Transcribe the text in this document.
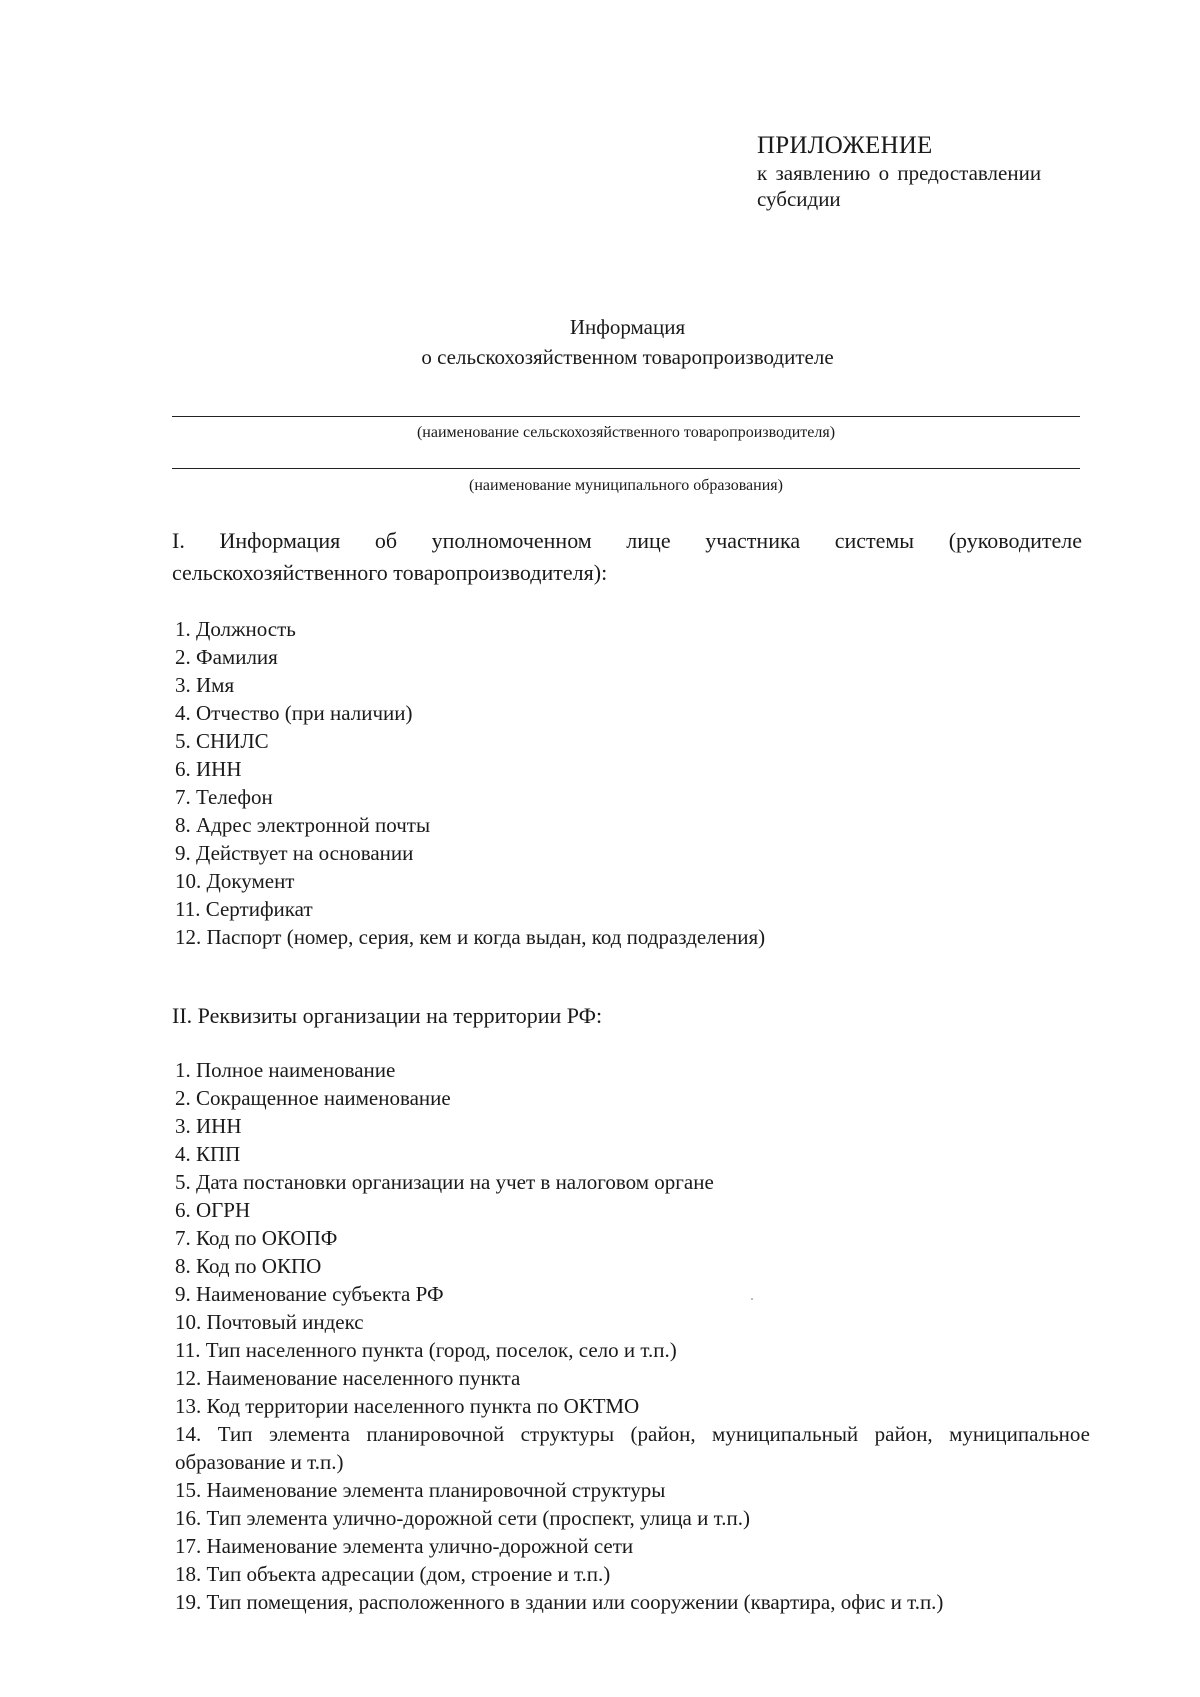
ПРИЛОЖЕНИЕ
к заявлению о предоставлении
субсидии
Информация
о сельскохозяйственном товаропроизводителе
(наименование сельскохозяйственного товаропроизводителя)
(наименование муниципального образования)
I. Информация об уполномоченном лице участника системы (руководителе сельскохозяйственного товаропроизводителя):
1. Должность
2. Фамилия
3. Имя
4. Отчество (при наличии)
5. СНИЛС
6. ИНН
7. Телефон
8. Адрес электронной почты
9. Действует на основании
10. Документ
11. Сертификат
12. Паспорт (номер, серия, кем и когда выдан, код подразделения)
II. Реквизиты организации на территории РФ:
1. Полное наименование
2. Сокращенное наименование
3. ИНН
4. КПП
5. Дата постановки организации на учет в налоговом органе
6. ОГРН
7. Код по ОКОПФ
8. Код по ОКПО
9. Наименование субъекта РФ
10. Почтовый индекс
11. Тип населенного пункта (город, поселок, село и т.п.)
12. Наименование населенного пункта
13. Код территории населенного пункта по ОКТМО
14. Тип элемента планировочной структуры (район, муниципальный район, муниципальное образование и т.п.)
15. Наименование элемента планировочной структуры
16. Тип элемента улично-дорожной сети (проспект, улица и т.п.)
17. Наименование элемента улично-дорожной сети
18. Тип объекта адресации (дом, строение и т.п.)
19. Тип помещения, расположенного в здании или сооружении (квартира, офис и т.п.)
